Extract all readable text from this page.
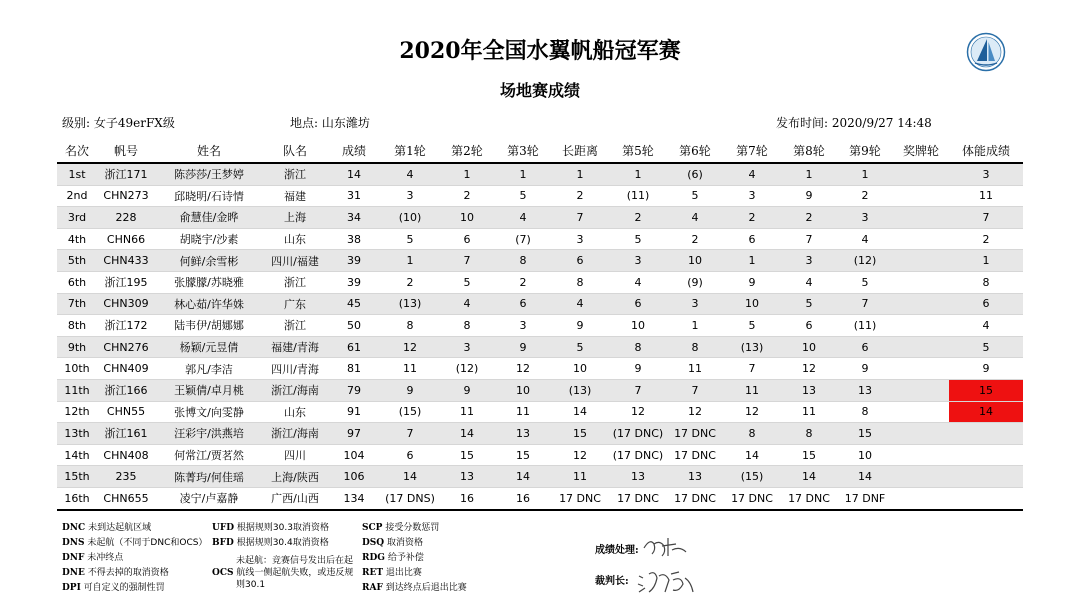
2020年全国水翼帆船冠军赛
场地赛成绩
级别: 女子49erFX级	地点: 山东潍坊	发布时间: 2020/9/27 14:48
名次	帆号	姓名	队名	成绩	第1轮	第2轮	第3轮	长距离	第5轮	第6轮	第7轮	第8轮	第9轮	奖牌轮	体能成绩
1st	浙江171	陈莎莎/王梦婷	浙江	14	4	1	1	1	1	(6)	4	1	1		3
2nd	CHN273	邱晓明/石诗情	福建	31	3	2	5	2	(11)	5	3	9	2		11
3rd	228	俞慧佳/金晔	上海	34	(10)	10	4	7	2	4	2	2	3		7
4th	CHN66	胡晓宇/沙素	山东	38	5	6	(7)	3	5	2	6	7	4		2
5th	CHN433	何鲜/余雪彬	四川/福建	39	1	7	8	6	3	10	1	3	(12)		1
6th	浙江195	张朦朦/苏晓雅	浙江	39	2	5	2	8	4	(9)	9	4	5		8
7th	CHN309	林心茹/许华姝	广东	45	(13)	4	6	4	6	3	10	5	7		6
8th	浙江172	陆韦伊/胡娜娜	浙江	50	8	8	3	9	10	1	5	6	(11)		4
9th	CHN276	杨颖/元昱倩	福建/青海	61	12	3	9	5	8	8	(13)	10	6		5
10th	CHN409	郭凡/李洁	四川/青海	81	11	(12)	12	10	9	11	7	12	9		9
11th	浙江166	王颖倩/卓月桃	浙江/海南	79	9	9	10	(13)	7	7	11	13	13		15
12th	CHN55	张博文/向雯静	山东	91	(15)	11	11	14	12	12	12	11	8		14
13th	浙江161	汪彩宇/洪燕培	浙江/海南	97	7	14	13	15	(17 DNC)	17 DNC	8	8	15		
14th	CHN408	何常江/贾茗然	四川	104	6	15	15	12	(17 DNC)	17 DNC	14	15	10		
15th	235	陈菁玙/何佳瑶	上海/陕西	106	14	13	14	11	13	13	(15)	14	14		
16th	CHN655	凌宁/卢嘉静	广西/山西	134	(17 DNS)	16	16	17 DNC	17 DNC	17 DNC	17 DNC	17 DNC	17 DNF		
DNC 未到达起航区域
DNS 未起航（不同于DNC和OCS）
DNF 未冲终点
DNE 不得去掉的取消资格
DPI 可自定义的强制性罚
UFD 根据规则30.3取消资格
BFD 根据规则30.4取消资格
未起航：竞赛信号发出后在起
OCS 航线一侧起航失败，或违反规
则30.1
SCP 接受分数惩罚
DSQ 取消资格
RDG 给予补偿
RET 退出比赛
RAF 到达终点后退出比赛
成绩处理:
裁判长:
